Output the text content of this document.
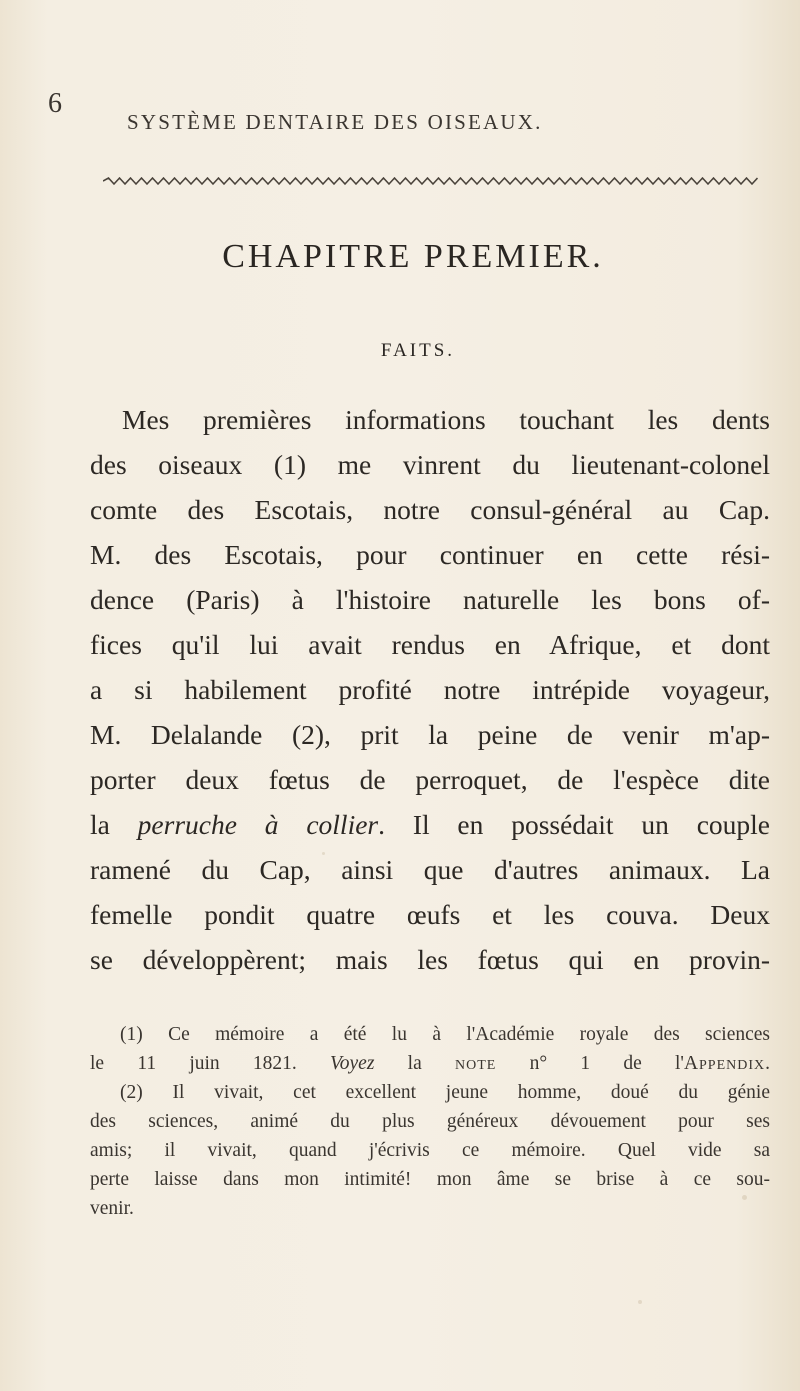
6
SYSTÈME DENTAIRE DES OISEAUX.
CHAPITRE PREMIER.
FAITS.
Mes premières informations touchant les dents
des oiseaux (1) me vinrent du lieutenant-colonel
comte des Escotais, notre consul-général au Cap.
M. des Escotais, pour continuer en cette rési-
dence (Paris) à l'histoire naturelle les bons of-
fices qu'il lui avait rendus en Afrique, et dont
a si habilement profité notre intrépide voyageur,
M. Delalande (2), prit la peine de venir m'ap-
porter deux fœtus de perroquet, de l'espèce dite
la perruche à collier. Il en possédait un couple
ramené du Cap, ainsi que d'autres animaux. La
femelle pondit quatre œufs et les couva. Deux
se développèrent; mais les fœtus qui en provin-
(1) Ce mémoire a été lu à l'Académie royale des sciences
le 11 juin 1821. Voyez la note n° 1 de l'Appendix.
(2) Il vivait, cet excellent jeune homme, doué du génie
des sciences, animé du plus généreux dévouement pour ses
amis; il vivait, quand j'écrivis ce mémoire. Quel vide sa
perte laisse dans mon intimité! mon âme se brise à ce sou-
venir.
